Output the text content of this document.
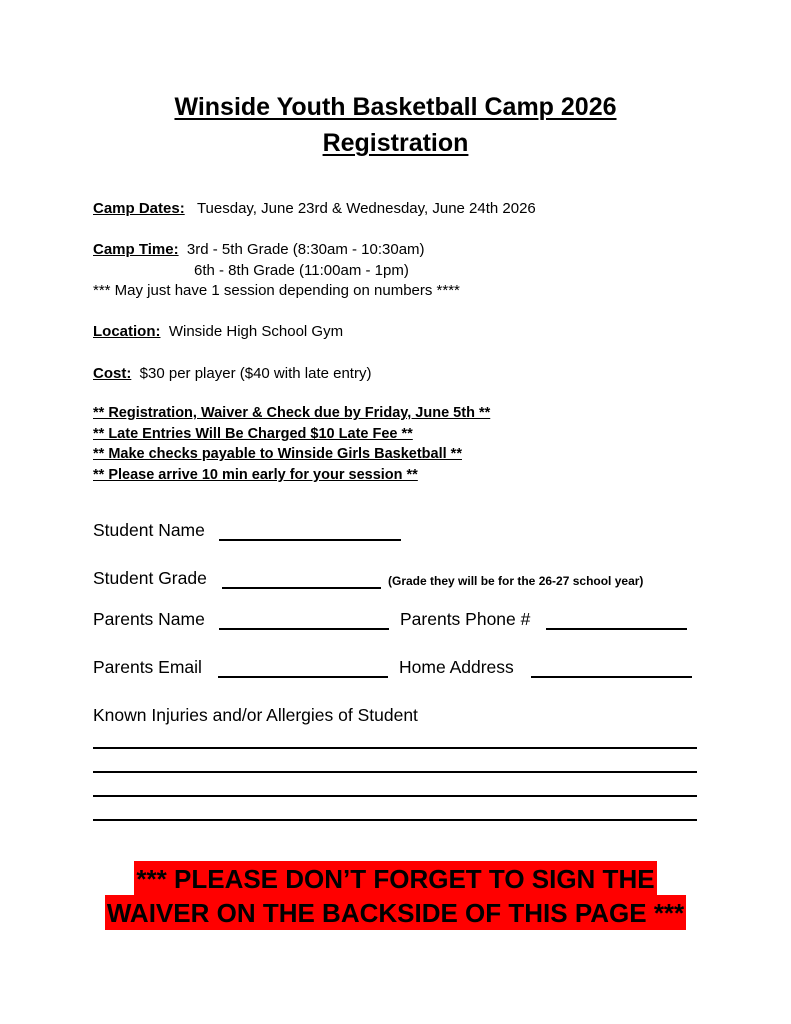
Winside Youth Basketball Camp 2026
Registration
Camp Dates: Tuesday, June 23rd & Wednesday, June 24th 2026
Camp Time: 3rd - 5th Grade (8:30am - 10:30am)
6th - 8th Grade (11:00am - 1pm)
*** May just have 1 session depending on numbers ****
Location: Winside High School Gym
Cost: $30 per player ($40 with late entry)
** Registration, Waiver & Check due by Friday, June 5th **
** Late Entries Will Be Charged $10 Late Fee **
** Make checks payable to Winside Girls Basketball **
** Please arrive 10 min early for your session **
Student Name
Student Grade	(Grade they will be for the 26-27 school year)
Parents Name	Parents Phone #
Parents Email	Home Address
Known Injuries and/or Allergies of Student
*** PLEASE DON’T FORGET TO SIGN THE
WAIVER ON THE BACKSIDE OF THIS PAGE ***
